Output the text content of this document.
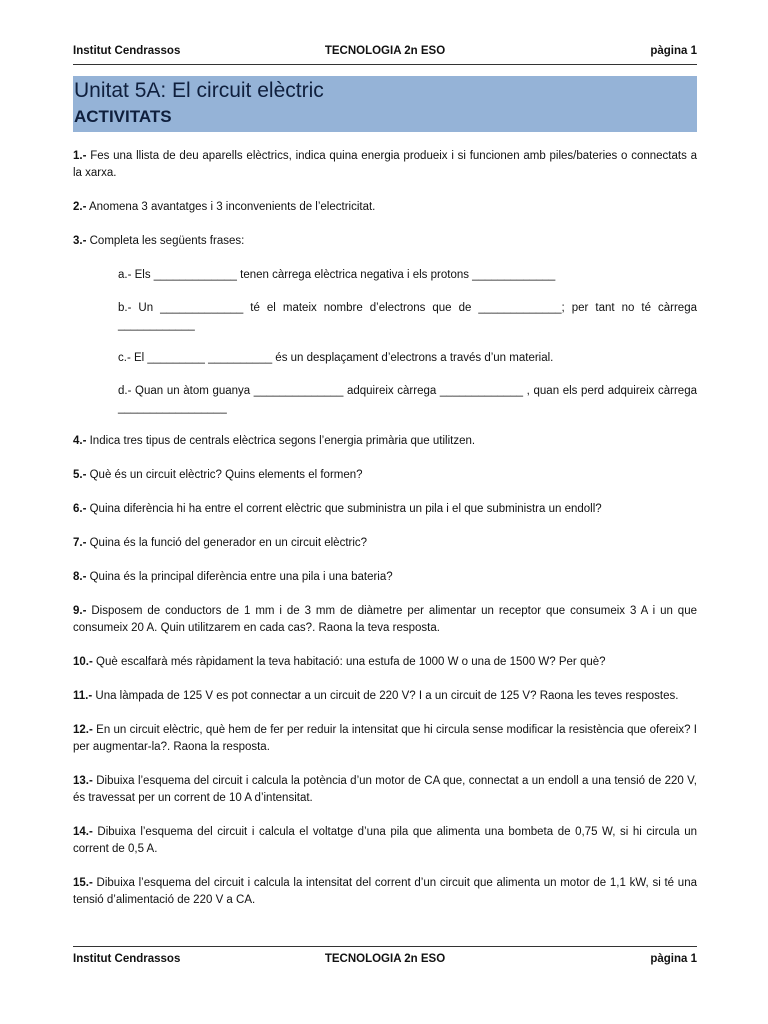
Institut Cendrassos	TECNOLOGIA 2n ESO	pàgina 1
Unitat 5A: El circuit elèctric
ACTIVITATS

1.- Fes una llista de deu aparells elèctrics, indica quina energia produeix i si funcionen amb piles/bateries o connectats a la xarxa.

2.- Anomena 3 avantatges i 3 inconvenients de l’electricitat.

3.- Completa les següents frases:

a.- Els _____________ tenen càrrega elèctrica negativa i els protons _____________

b.- Un _____________ té el mateix nombre d’electrons que de _____________; per tant no té càrrega ____________

c.- El _________ __________ és un desplaçament d’electrons a través d’un material.

d.- Quan un àtom guanya ______________ adquireix càrrega _____________ , quan els perd adquireix càrrega _________________

4.- Indica tres tipus de centrals elèctrica segons l’energia primària que utilitzen.

5.- Què és un circuit elèctric? Quins elements el formen?

6.- Quina diferència hi ha entre el corrent elèctric que subministra un pila i el que subministra un endoll?

7.- Quina és la funció del generador en un circuit elèctric?

8.- Quina és la principal diferència entre una pila i una bateria?

9.- Disposem de conductors de 1 mm i de 3 mm de diàmetre per alimentar un receptor que consumeix 3 A i un que consumeix 20 A. Quin utilitzarem en cada cas?. Raona la teva resposta.

10.- Què escalfarà més ràpidament la teva habitació: una estufa de 1000 W o una de 1500 W? Per què?

11.- Una làmpada de 125 V es pot connectar a un circuit de 220 V? I a un circuit de 125 V? Raona les teves respostes.

12.- En un circuit elèctric, què hem de fer per reduir la intensitat que hi circula sense modificar la resistència que ofereix? I per augmentar-la?. Raona la resposta.

13.- Dibuixa l’esquema del circuit i calcula la potència d’un motor de CA que, connectat a un endoll a una tensió de 220 V, és travessat per un corrent de 10 A d’intensitat.

14.- Dibuixa l’esquema del circuit i calcula el voltatge d’una pila que alimenta una bombeta de 0,75 W, si hi circula un corrent de 0,5 A.

15.- Dibuixa l’esquema del circuit i calcula la intensitat del corrent d’un circuit que alimenta un motor de 1,1 kW, si té una tensió d’alimentació de 220 V a CA.

Institut Cendrassos	TECNOLOGIA 2n ESO	pàgina 1
